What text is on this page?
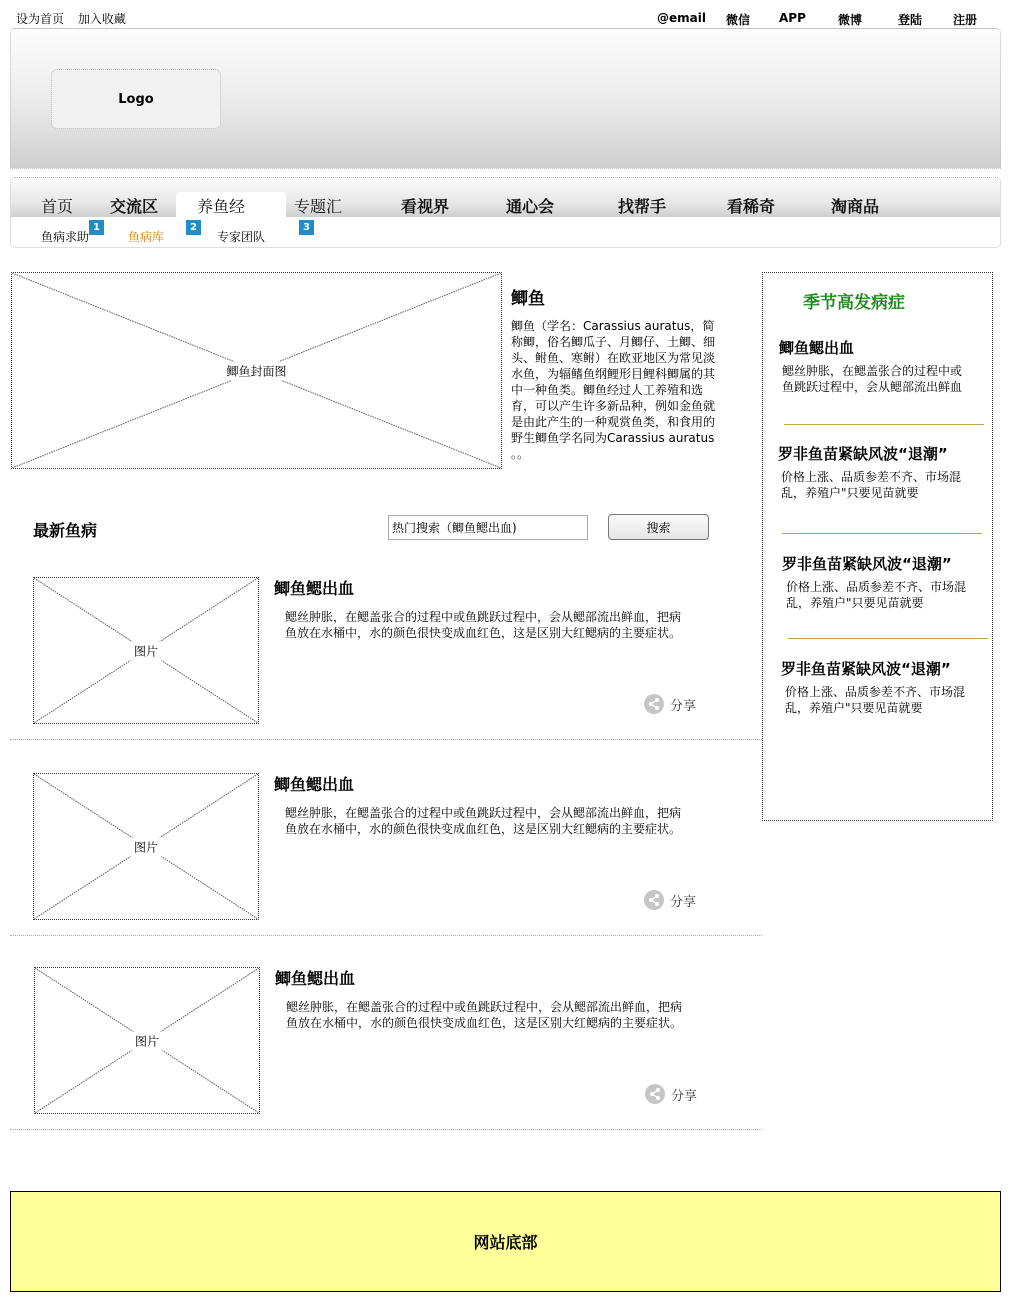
设为首页 加入收藏	@email 微信 APP	微博	登陆	注册
Logo
首页 交流区 养鱼经	专题汇	看视界	通心会	找帮手	看稀奇	淘商品
鱼病求助	鱼病库	专家团队
1	2	3
鲫鱼封面图
鲫鱼
鲫鱼（学名：Carassius auratus，简称鲫，俗名鲫瓜子、月鲫仔、土鲫、细头、鲋鱼、寒鲋）在欧亚地区为常见淡水鱼，为辐鳍鱼纲鲤形目鲤科鲫属的其中一种鱼类。鲫鱼经过人工养殖和选育，可以产生许多新品种，例如金鱼就是由此产生的一种观赏鱼类，和食用的野生鲫鱼学名同为Carassius auratus 。。
最新鱼病
热门搜索（鲫鱼鳃出血)	搜索
图片
鲫鱼鳃出血
鳃丝肿胀，在鳃盖张合的过程中或鱼跳跃过程中，会从鳃部流出鲜血，把病鱼放在水桶中，水的颜色很快变成血红色，这是区别大红鳃病的主要症状。
分享
图片
鲫鱼鳃出血
鳃丝肿胀，在鳃盖张合的过程中或鱼跳跃过程中，会从鳃部流出鲜血，把病鱼放在水桶中，水的颜色很快变成血红色，这是区别大红鳃病的主要症状。
分享
图片
鲫鱼鳃出血
鳃丝肿胀，在鳃盖张合的过程中或鱼跳跃过程中，会从鳃部流出鲜血，把病鱼放在水桶中，水的颜色很快变成血红色，这是区别大红鳃病的主要症状。
分享
季节高发病症
鲫鱼鳃出血
鳃丝肿胀，在鳃盖张合的过程中或鱼跳跃过程中，会从鳃部流出鲜血
罗非鱼苗紧缺风波“退潮”
价格上涨、品质参差不齐、市场混乱，养殖户"只要见苗就要
罗非鱼苗紧缺风波“退潮”
价格上涨、品质参差不齐、市场混乱，养殖户"只要见苗就要
罗非鱼苗紧缺风波“退潮”
价格上涨、品质参差不齐、市场混乱，养殖户"只要见苗就要
网站底部
